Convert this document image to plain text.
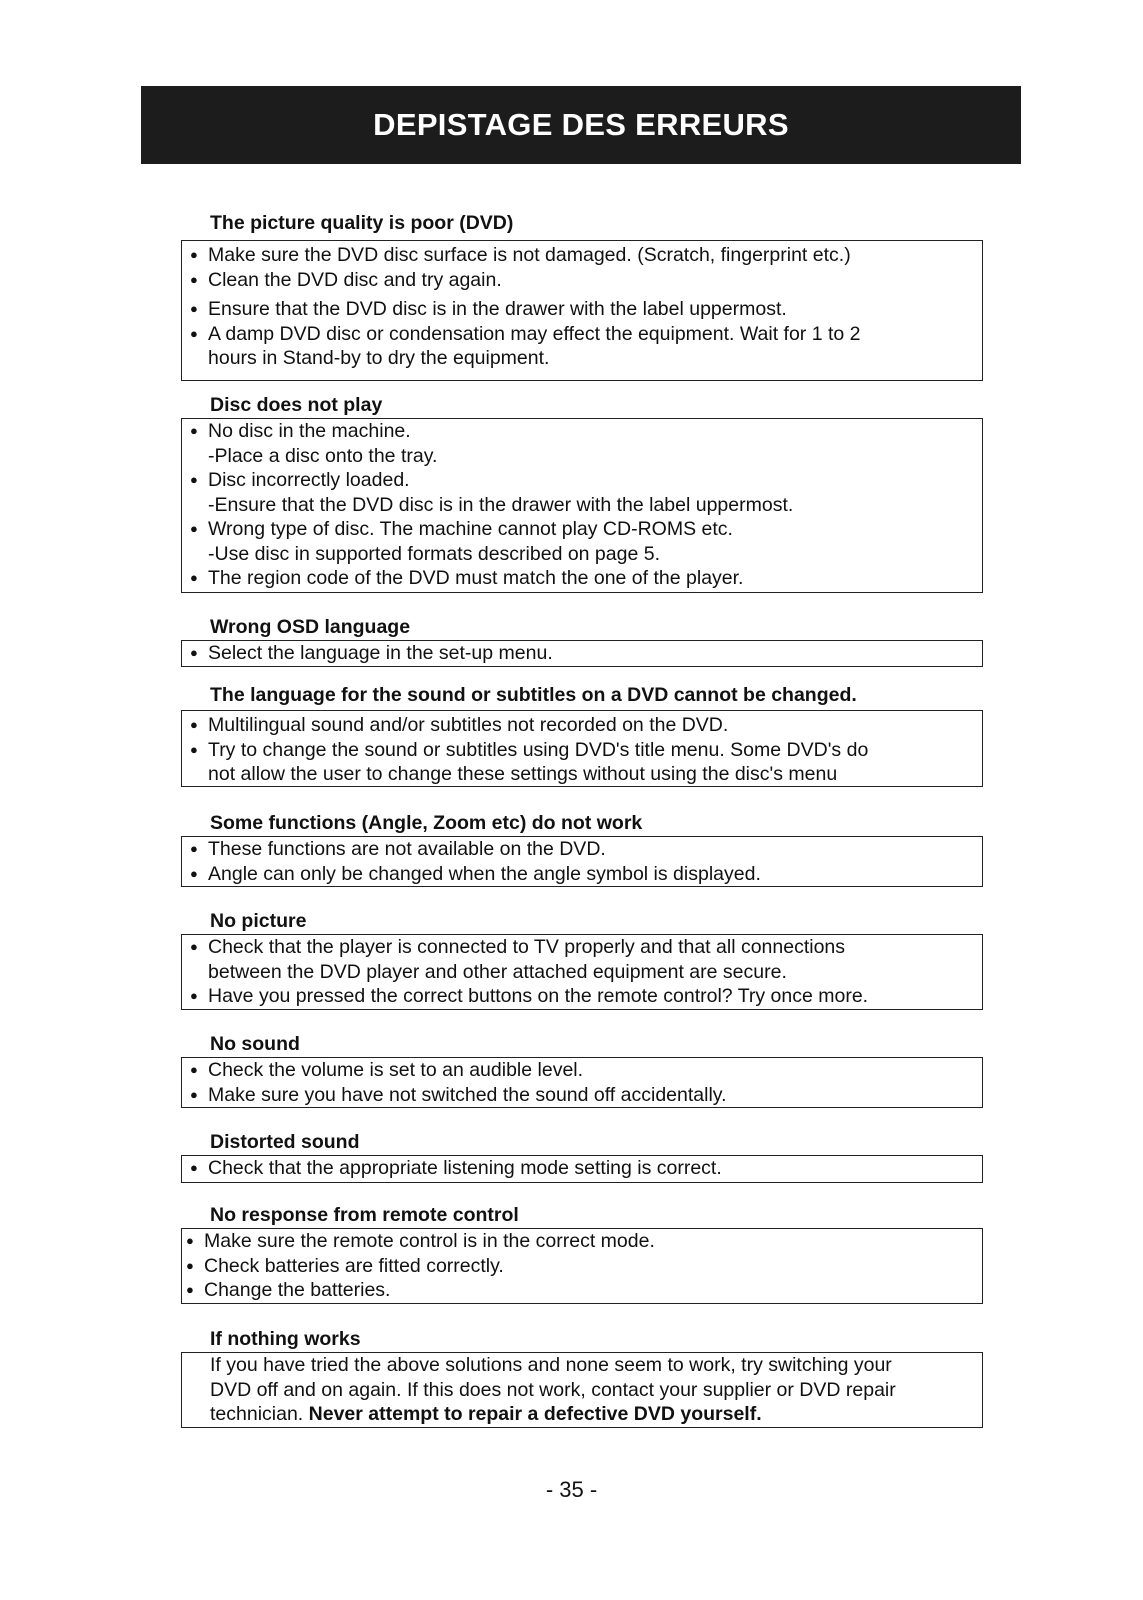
DEPISTAGE DES ERREURS
The picture quality is poor (DVD)
● Make sure the DVD disc surface is not damaged. (Scratch, fingerprint etc.)
● Clean the DVD disc and try again.
● Ensure that the DVD disc is in the drawer with the label uppermost.
● A damp DVD disc or condensation may effect the equipment. Wait for 1 to 2
hours in Stand-by to dry the equipment.
Disc does not play
● No disc in the machine.
-Place a disc onto the tray.
● Disc incorrectly loaded.
-Ensure that the DVD disc is in the drawer with the label uppermost.
● Wrong type of disc. The machine cannot play CD-ROMS etc.
-Use disc in supported formats described on page 5.
● The region code of the DVD must match the one of the player.
Wrong OSD language
● Select the language in the set-up menu.
The language for the sound or subtitles on a DVD cannot be changed.
● Multilingual sound and/or subtitles not recorded on the DVD.
● Try to change the sound or subtitles using DVD's title menu. Some DVD's do
not allow the user to change these settings without using the disc's menu
Some functions (Angle, Zoom etc) do not work
● These functions are not available on the DVD.
● Angle can only be changed when the angle symbol is displayed.
No picture
● Check that the player is connected to TV properly and that all connections
between the DVD player and other attached equipment are secure.
● Have you pressed the correct buttons on the remote control? Try once more.
No sound
● Check the volume is set to an audible level.
● Make sure you have not switched the sound off accidentally.
Distorted sound
● Check that the appropriate listening mode setting is correct.
No response from remote control
● Make sure the remote control is in the correct mode.
● Check batteries are fitted correctly.
● Change the batteries.
If nothing works
If you have tried the above solutions and none seem to work, try switching your
DVD off and on again. If this does not work, contact your supplier or DVD repair
technician. Never attempt to repair a defective DVD yourself.
- 35 -
